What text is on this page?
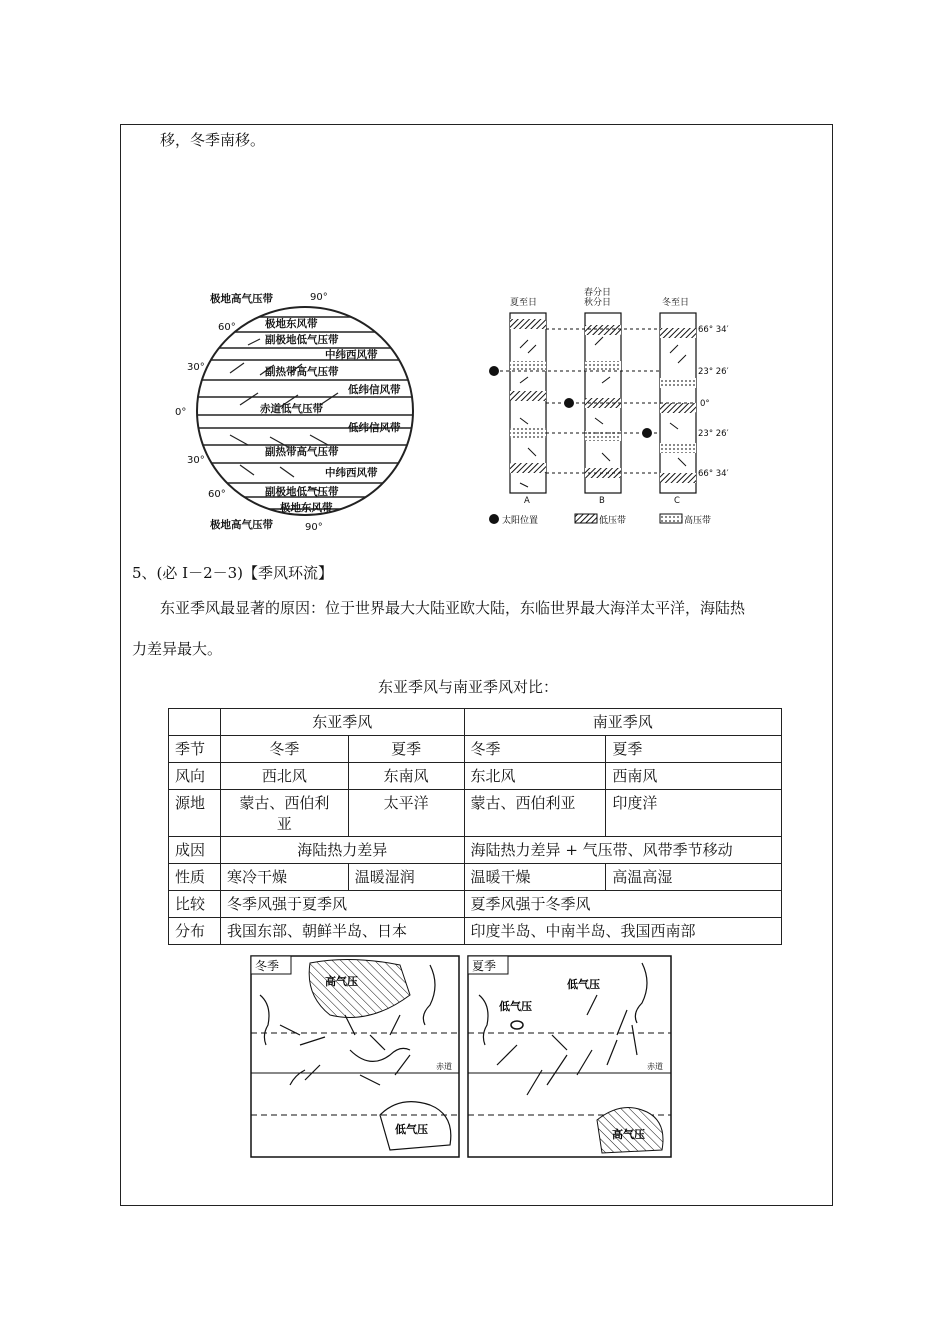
移，冬季南移。
极地高气压带
极地东风带
副极地低气压带
中纬西风带
副热带高气压带
低纬信风带
赤道低气压带
低纬信风带
副热带高气压带
中纬西风带
副极地低气压带
极地东风带
极地高气压带
90°
60°
30°
0°
30°
60°
90°
夏至日
春分日
秋分日	冬至日
66° 34′
23° 26′
0°
23° 26′
66° 34′
A	B	C
太阳位置	低压带	高压带
5、(必 I－2－3)【季风环流】
东亚季风最显著的原因：位于世界最大大陆亚欧大陆，东临世界最大海洋太平洋，海陆热
力差异最大。
东亚季风与南亚季风对比：
	东亚季风		南亚季风	
季节	冬季	夏季	冬季	夏季
风向	西北风	东南风	东北风	西南风
源地	蒙古、西伯利亚	太平洋	蒙古、西伯利亚	印度洋
成因	海陆热力差异		海陆热力差异 + 气压带、风带季节移动	
性质	寒冷干燥	温暖湿润	温暖干燥	高温高湿
比较	冬季风强于夏季风		夏季风强于冬季风	
分布	我国东部、朝鲜半岛、日本		印度半岛、中南半岛、我国西南部	
冬季
高气压
低气压
赤道
夏季
低气压
低气压
高气压
赤道
